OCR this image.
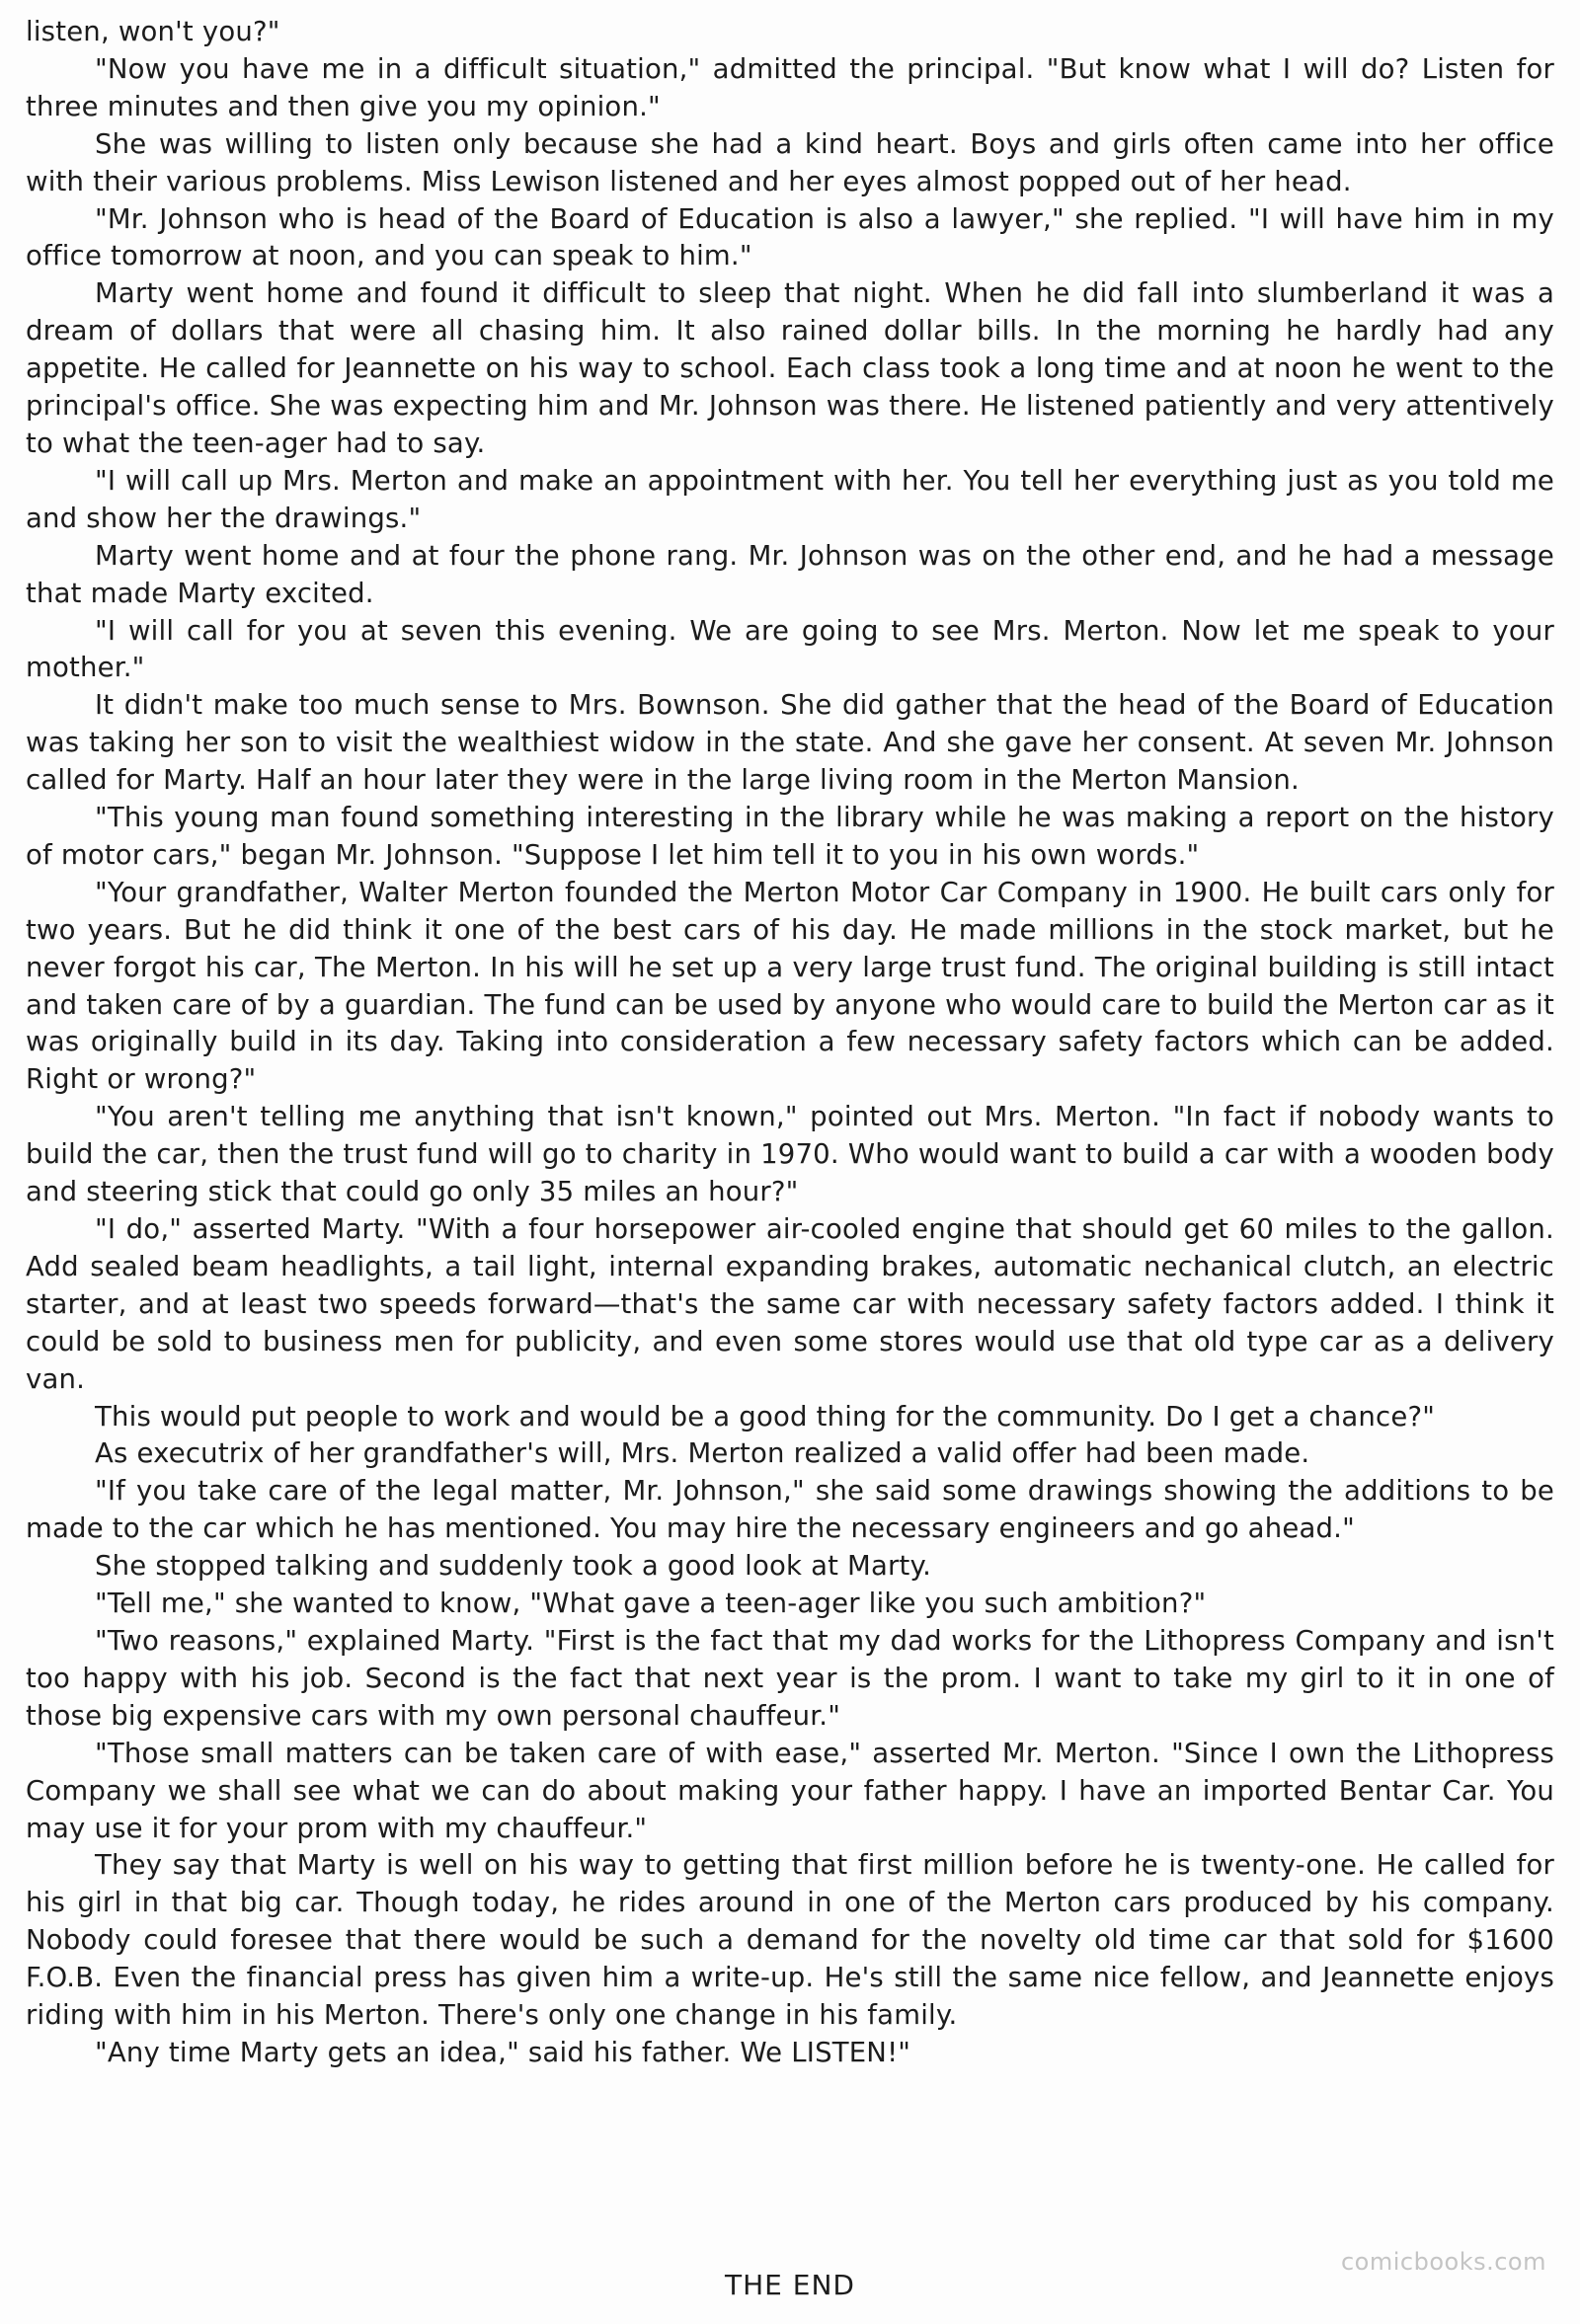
listen, won't you?"

"Now you have me in a difficult situation," admitted the principal. "But know what I will do? Listen for three minutes and then give you my opinion."

She was willing to listen only because she had a kind heart. Boys and girls often came into her office with their various problems. Miss Lewison listened and her eyes almost popped out of her head.

"Mr. Johnson who is head of the Board of Education is also a lawyer," she replied. "I will have him in my office tomorrow at noon, and you can speak to him."

Marty went home and found it difficult to sleep that night. When he did fall into slumberland it was a dream of dollars that were all chasing him. It also rained dollar bills. In the morning he hardly had any appetite. He called for Jeannette on his way to school. Each class took a long time and at noon he went to the principal's office. She was expecting him and Mr. Johnson was there. He listened patiently and very attentively to what the teen-ager had to say.

"I will call up Mrs. Merton and make an appointment with her. You tell her everything just as you told me and show her the drawings."

Marty went home and at four the phone rang. Mr. Johnson was on the other end, and he had a message that made Marty excited.

"I will call for you at seven this evening. We are going to see Mrs. Merton. Now let me speak to your mother."

It didn't make too much sense to Mrs. Bownson. She did gather that the head of the Board of Education was taking her son to visit the wealthiest widow in the state. And she gave her consent. At seven Mr. Johnson called for Marty. Half an hour later they were in the large living room in the Merton Mansion.

"This young man found something interesting in the library while he was making a report on the history of motor cars," began Mr. Johnson. "Suppose I let him tell it to you in his own words."

"Your grandfather, Walter Merton founded the Merton Motor Car Company in 1900. He built cars only for two years. But he did think it one of the best cars of his day. He made millions in the stock market, but he never forgot his car, The Merton. In his will he set up a very large trust fund. The original building is still intact and taken care of by a guardian. The fund can be used by anyone who would care to build the Merton car as it was originally build in its day. Taking into consideration a few necessary safety factors which can be added. Right or wrong?"

"You aren't telling me anything that isn't known," pointed out Mrs. Merton. "In fact if nobody wants to build the car, then the trust fund will go to charity in 1970. Who would want to build a car with a wooden body and steering stick that could go only 35 miles an hour?"

"I do," asserted Marty. "With a four horsepower air-cooled engine that should get 60 miles to the gallon. Add sealed beam headlights, a tail light, internal expanding brakes, automatic nechanical clutch, an electric starter, and at least two speeds forward—that's the same car with necessary safety factors added. I think it could be sold to business men for publicity, and even some stores would use that old type car as a delivery van.

This would put people to work and would be a good thing for the community. Do I get a chance?"

As executrix of her grandfather's will, Mrs. Merton realized a valid offer had been made.

"If you take care of the legal matter, Mr. Johnson," she said some drawings showing the additions to be made to the car which he has mentioned. You may hire the necessary engineers and go ahead."

She stopped talking and suddenly took a good look at Marty.

"Tell me," she wanted to know, "What gave a teen-ager like you such ambition?"

"Two reasons," explained Marty. "First is the fact that my dad works for the Lithopress Company and isn't too happy with his job. Second is the fact that next year is the prom. I want to take my girl to it in one of those big expensive cars with my own personal chauffeur."

"Those small matters can be taken care of with ease," asserted Mr. Merton. "Since I own the Lithopress Company we shall see what we can do about making your father happy. I have an imported Bentar Car. You may use it for your prom with my chauffeur."

They say that Marty is well on his way to getting that first million before he is twenty-one. He called for his girl in that big car. Though today, he rides around in one of the Merton cars produced by his company. Nobody could foresee that there would be such a demand for the novelty old time car that sold for $1600 F.O.B. Even the financial press has given him a write-up. He's still the same nice fellow, and Jeannette enjoys riding with him in his Merton. There's only one change in his family.

"Any time Marty gets an idea," said his father. We LISTEN!"

THE END
comicbooks.com
